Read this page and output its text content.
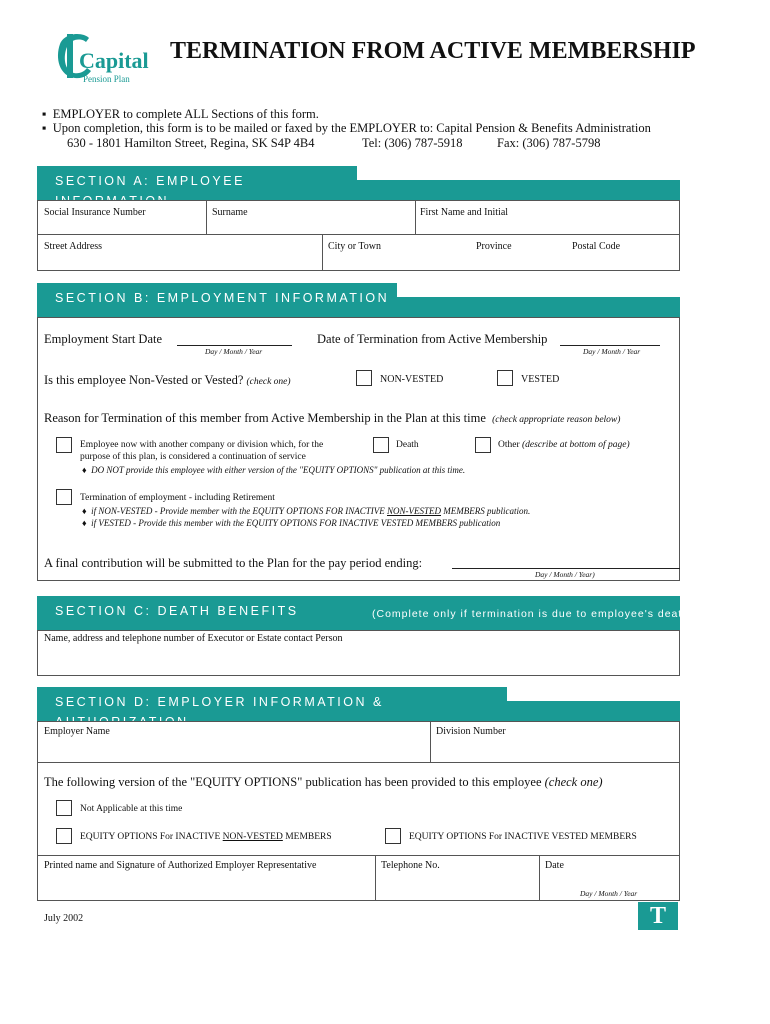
Capital
Pension Plan
TERMINATION FROM ACTIVE MEMBERSHIP
▪ EMPLOYER to complete ALL Sections of this form.
▪ Upon completion, this form is to be mailed or faxed by the EMPLOYER to: Capital Pension & Benefits Administration
630 - 1801 Hamilton Street, Regina, SK S4P 4B4	Tel: (306) 787-5918	Fax: (306) 787-5798
SECTION A: EMPLOYEE INFORMATION
Social Insurance Number	Surname	First Name and Initial
Street Address	City or Town	Province	Postal Code
SECTION B: EMPLOYMENT INFORMATION
Employment Start Date
Day / Month / Year
Date of Termination from Active Membership
Day / Month / Year
Is this employee Non-Vested or Vested? (check one)	NON-VESTED	VESTED
Reason for Termination of this member from Active Membership in the Plan at this time (check appropriate reason below)
Employee now with another company or division which, for the
purpose of this plan, is considered a continuation of service
♦ DO NOT provide this employee with either version of the "EQUITY OPTIONS" publication at this time.
Death	Other (describe at bottom of page)
Termination of employment - including Retirement
♦ if NON-VESTED - Provide member with the EQUITY OPTIONS FOR INACTIVE NON-VESTED MEMBERS publication.
♦ if VESTED - Provide this member with the EQUITY OPTIONS FOR INACTIVE VESTED MEMBERS publication
A final contribution will be submitted to the Plan for the pay period ending:
Day / Month / Year)
SECTION C: DEATH BENEFITS	(Complete only if termination is due to employee's death.)
Name, address and telephone number of Executor or Estate contact Person
SECTION D: EMPLOYER INFORMATION & AUTHORIZATION
Employer Name	Division Number
The following version of the "EQUITY OPTIONS" publication has been provided to this employee (check one)
Not Applicable at this time
EQUITY OPTIONS For INACTIVE NON-VESTED MEMBERS	EQUITY OPTIONS For INACTIVE VESTED MEMBERS
Printed name and Signature of Authorized Employer Representative	Telephone No.	Date
Day / Month / Year
July 2002	T
